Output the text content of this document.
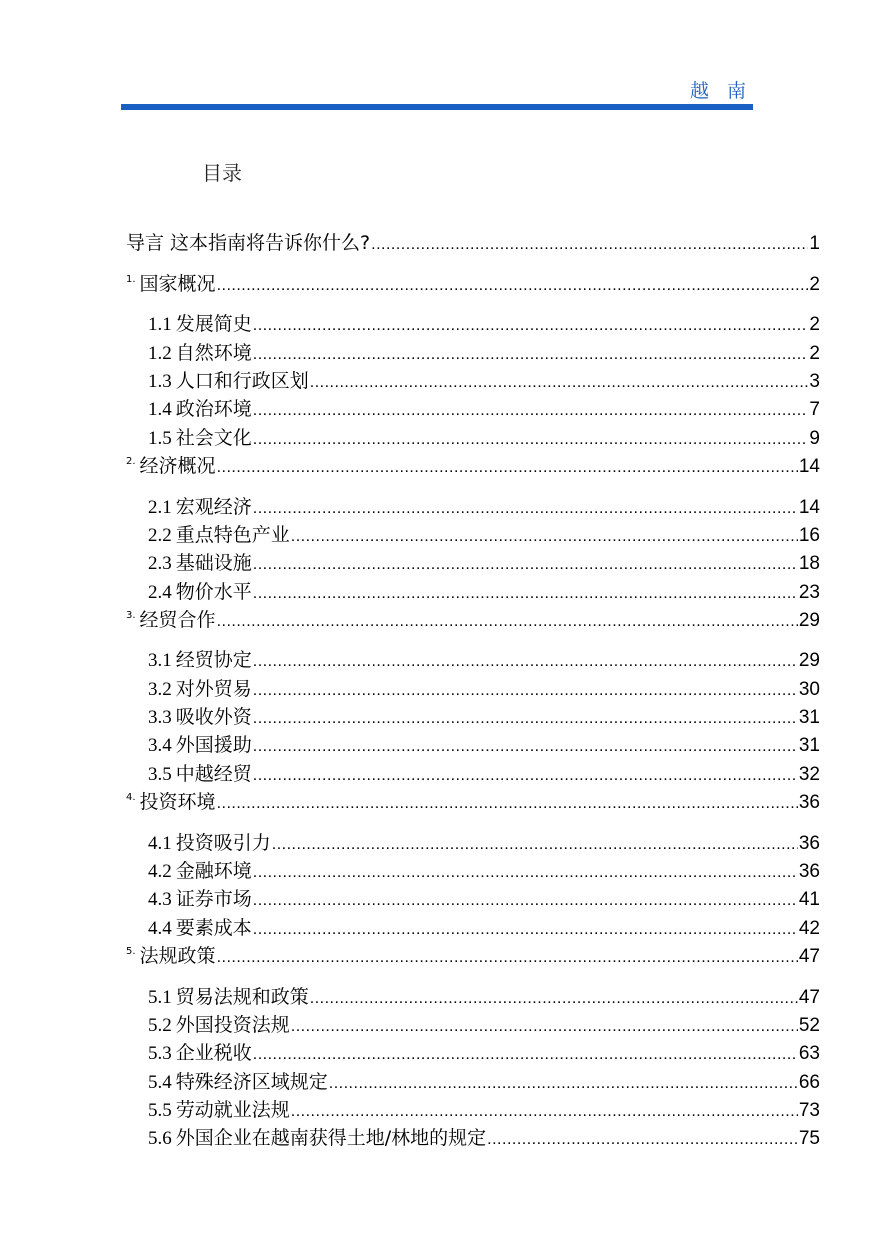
越 南
目录
导言 这本指南将告诉你什么? .....	1
1. 国家概况 .....	2
1.1 发展简史 .....	2
1.2 自然环境 .....	2
1.3 人口和行政区划 .....	3
1.4 政治环境 .....	7
1.5 社会文化 .....	9
2. 经济概况 .....	14
2.1 宏观经济 .....	14
2.2 重点特色产业 .....	16
2.3 基础设施 .....	18
2.4 物价水平 .....	23
3. 经贸合作 .....	29
3.1 经贸协定 .....	29
3.2 对外贸易 .....	30
3.3 吸收外资 .....	31
3.4 外国援助 .....	31
3.5 中越经贸 .....	32
4. 投资环境 .....	36
4.1 投资吸引力 .....	36
4.2 金融环境 .....	36
4.3 证券市场 .....	41
4.4 要素成本 .....	42
5. 法规政策 .....	47
5.1 贸易法规和政策 .....	47
5.2 外国投资法规 .....	52
5.3 企业税收 .....	63
5.4 特殊经济区域规定 .....	66
5.5 劳动就业法规 .....	73
5.6 外国企业在越南获得土地/林地的规定 .....	75
